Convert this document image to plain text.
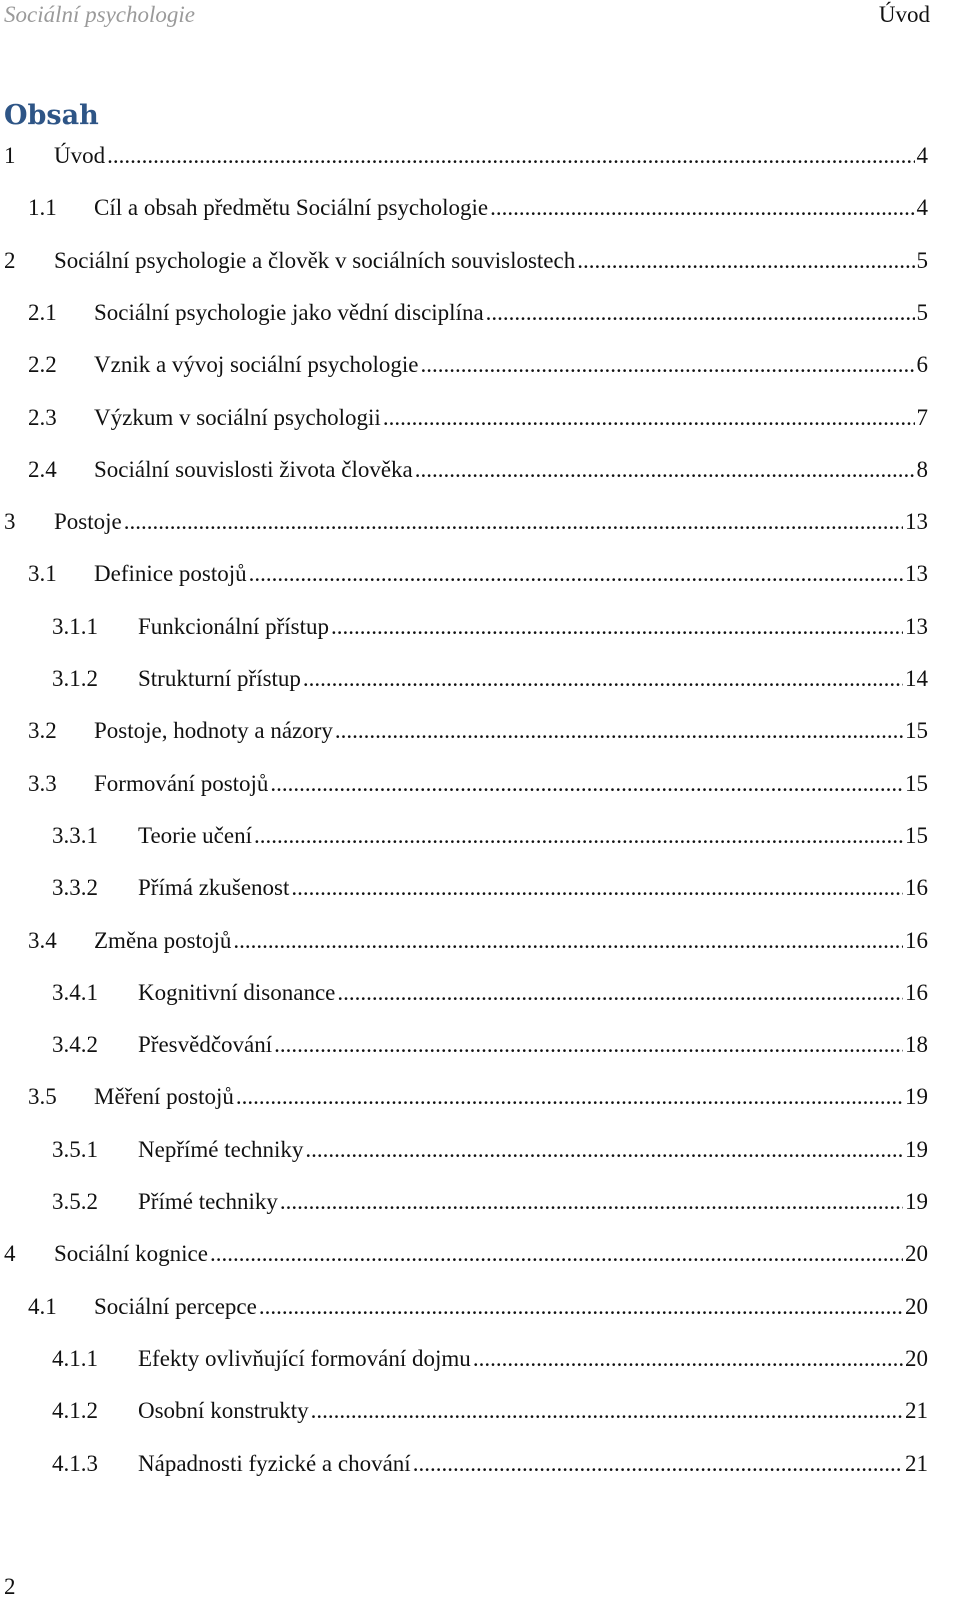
Sociální psychologie	Úvod
Obsah
1	Úvod .....	4
1.1	Cíl a obsah předmětu Sociální psychologie .....	4
2	Sociální psychologie a člověk v sociálních souvislostech .....	5
2.1	Sociální psychologie jako vědní disciplína .....	5
2.2	Vznik a vývoj sociální psychologie .....	6
2.3	Výzkum v sociální psychologii .....	7
2.4	Sociální souvislosti života člověka .....	8
3	Postoje .....	13
3.1	Definice postojů .....	13
3.1.1	Funkcionální přístup .....	13
3.1.2	Strukturní přístup .....	14
3.2	Postoje, hodnoty a názory .....	15
3.3	Formování postojů .....	15
3.3.1	Teorie učení .....	15
3.3.2	Přímá zkušenost .....	16
3.4	Změna postojů .....	16
3.4.1	Kognitivní disonance .....	16
3.4.2	Přesvědčování .....	18
3.5	Měření postojů .....	19
3.5.1	Nepřímé techniky .....	19
3.5.2	Přímé techniky .....	19
4	Sociální kognice .....	20
4.1	Sociální percepce .....	20
4.1.1	Efekty ovlivňující formování dojmu .....	20
4.1.2	Osobní konstrukty .....	21
4.1.3	Nápadnosti fyzické a chování .....	21
2
